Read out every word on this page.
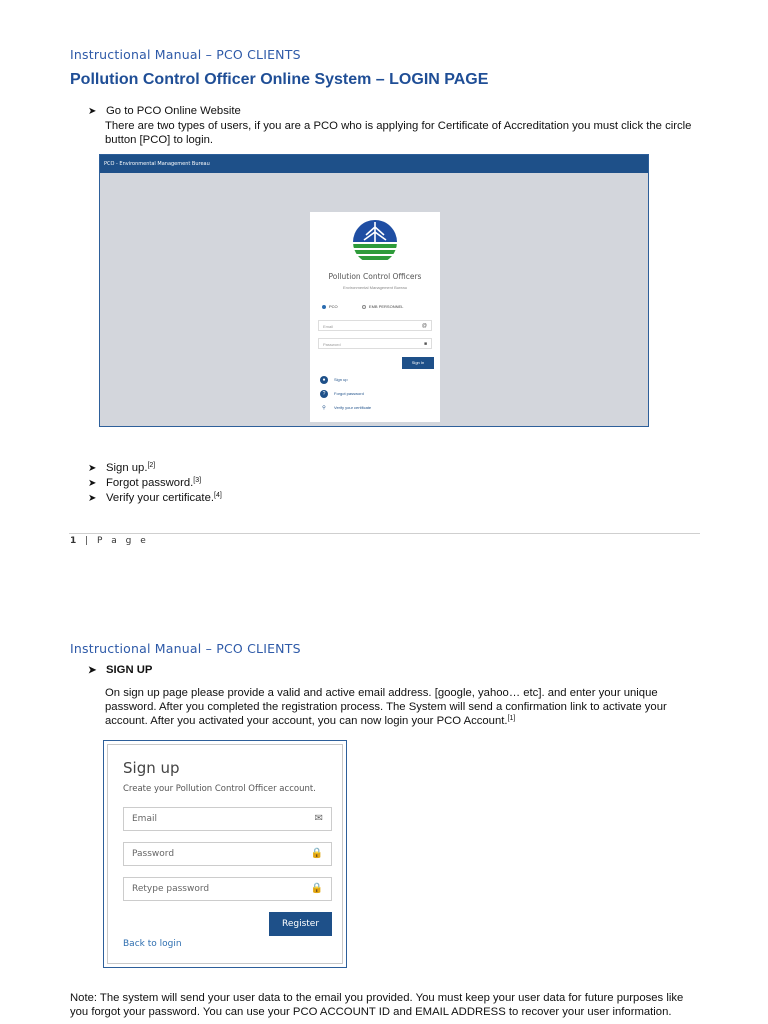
Instructional Manual – PCO CLIENTS
Pollution Control Officer Online System – LOGIN PAGE
➤ Go to PCO Online Website
There are two types of users, if you are a PCO who is applying for Certificate of Accreditation you must click the circle button [PCO] to login.
PCO - Environmental Management Bureau
Pollution Control Officers
Environmental Management Bureau
PCO	EMB PERSONNEL
Email	@
Password	■
Sign In
● Sign up
? Forgot password
⚲ Verify your certificate
➤ Sign up.[2]
➤ Forgot password.[3]
➤ Verify your certificate.[4]
1 | P a g e
Instructional Manual – PCO CLIENTS
➤ SIGN UP
On sign up page please provide a valid and active email address. [google, yahoo… etc]. and enter your unique password. After you completed the registration process. The System will send a confirmation link to activate your account. After you activated your account, you can now login your PCO Account.[1]
Sign up
Create your Pollution Control Officer account.
Email	✉
Password	🔒
Retype password	🔒
Register
Back to login
Note: The system will send your user data to the email you provided. You must keep your user data for future purposes like you forgot your password. You can use your PCO ACCOUNT ID and EMAIL ADDRESS to recover your user information.
